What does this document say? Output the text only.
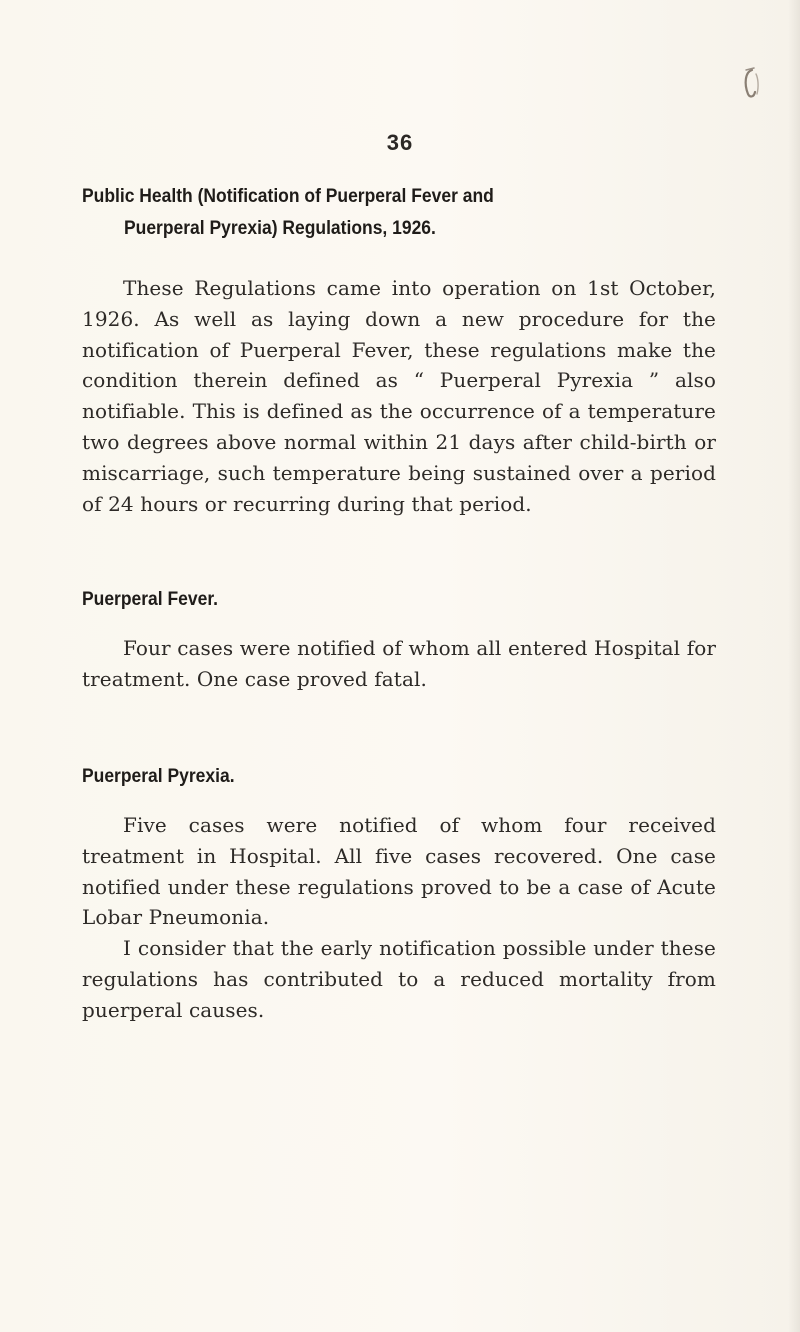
36
Public Health (Notification of Puerperal Fever and
Puerperal Pyrexia) Regulations, 1926.

These Regulations came into operation on 1st October, 1926. As well as laying down a new procedure for the notification of Puerperal Fever, these regulations make the condition therein defined as “ Puerperal Pyrexia ” also notifiable. This is defined as the occurrence of a temperature two degrees above normal within 21 days after child-birth or miscarriage, such temperature being sustained over a period of 24 hours or recurring during that period.

Puerperal Fever.

Four cases were notified of whom all entered Hospital for treatment. One case proved fatal.

Puerperal Pyrexia.

Five cases were notified of whom four received treatment in Hospital. All five cases recovered. One case notified under these regulations proved to be a case of Acute Lobar Pneumonia.

I consider that the early notification possible under these regulations has contributed to a reduced mortality from puerperal causes.
